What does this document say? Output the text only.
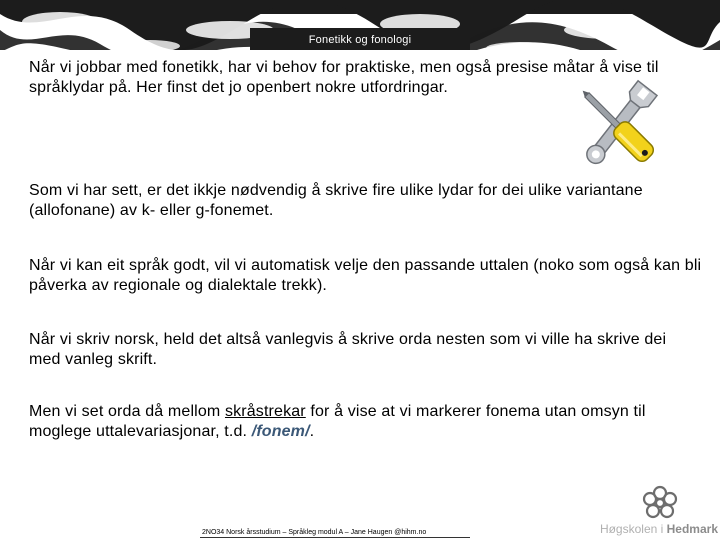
Fonetikk og fonologi

Når vi jobbar med fonetikk, har vi behov for praktiske, men også presise måtar å vise til språklydar på. Her finst det jo openbert nokre utfordringar.

Som vi har sett, er det ikkje nødvendig å skrive fire ulike lydar for dei ulike variantane (allofonane) av k- eller g-fonemet.

Når vi kan eit språk godt, vil vi automatisk velje den passande uttalen (noko som også kan bli påverka av regionale og dialektale trekk).

Når vi skriv norsk, held det altså vanlegvis å skrive orda nesten som vi ville ha skrive dei med vanleg skrift.

Men vi set orda då mellom skråstrekar for å vise at vi markerer fonema utan omsyn til moglege uttalevariasjonar, t.d. /fonem/.

2NO34 Norsk årsstudium – Språkleg modul A – Jane Haugen @hihm.no	Høgskolen i Hedmark
